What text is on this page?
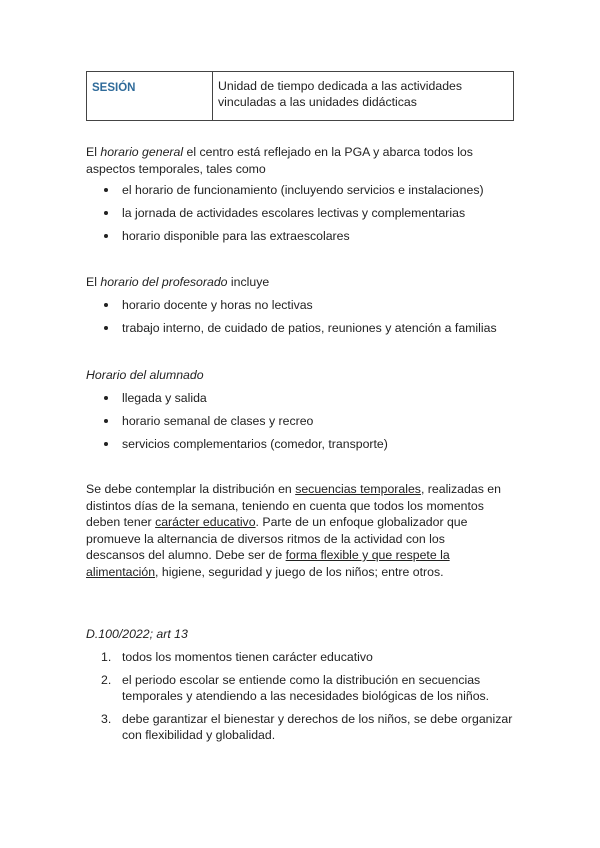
SESIÓN	Unidad de tiempo dedicada a las actividades vinculadas a las unidades didácticas

El horario general el centro está reflejado en la PGA y abarca todos los aspectos temporales, tales como

el horario de funcionamiento (incluyendo servicios e instalaciones)
la jornada de actividades escolares lectivas y complementarias
horario disponible para las extraescolares

El horario del profesorado incluye

horario docente y horas no lectivas
trabajo interno, de cuidado de patios, reuniones y atención a familias

Horario del alumnado

llegada y salida
horario semanal de clases y recreo
servicios complementarios (comedor, transporte)

Se debe contemplar la distribución en secuencias temporales, realizadas en distintos días de la semana, teniendo en cuenta que todos los momentos deben tener carácter educativo. Parte de un enfoque globalizador que promueve la alternancia de diversos ritmos de la actividad con los descansos del alumno. Debe ser de forma flexible y que respete la alimentación, higiene, seguridad y juego de los niños; entre otros.

D.100/2022; art 13

1. todos los momentos tienen carácter educativo
2. el periodo escolar se entiende como la distribución en secuencias temporales y atendiendo a las necesidades biológicas de los niños.
3. debe garantizar el bienestar y derechos de los niños, se debe organizar con flexibilidad y globalidad.
